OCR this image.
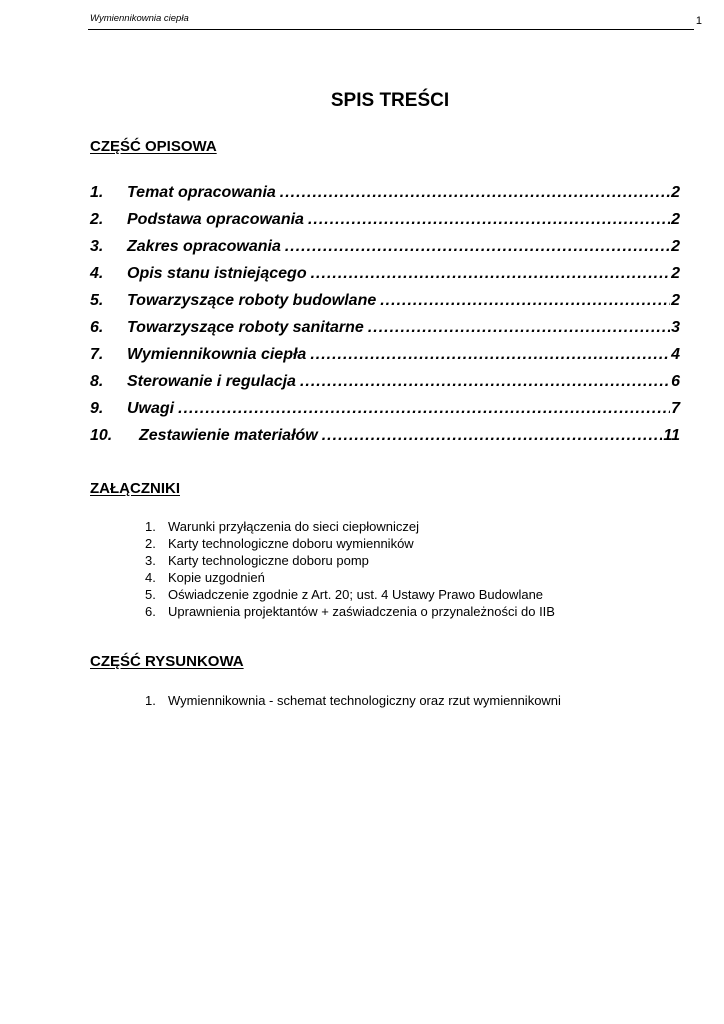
Wymiennikownia ciepła	1
SPIS TREŚCI
CZĘŚĆ OPISOWA
1.	Temat opracowania .....	2
2.	Podstawa opracowania .....	2
3.	Zakres opracowania .....	2
4.	Opis stanu istniejącego .....	2
5.	Towarzyszące roboty budowlane .....	2
6.	Towarzyszące roboty sanitarne .....	3
7.	Wymiennikownia ciepła .....	4
8.	Sterowanie i regulacja .....	6
9.	Uwagi .....	7
10.	Zestawienie materiałów .....	11
ZAŁĄCZNIKI
1. Warunki przyłączenia do sieci ciepłowniczej
2. Karty technologiczne doboru wymienników
3. Karty technologiczne doboru pomp
4. Kopie uzgodnień
5. Oświadczenie zgodnie z Art. 20; ust. 4 Ustawy Prawo Budowlane
6. Uprawnienia projektantów + zaświadczenia o przynależności do IIB
CZĘŚĆ RYSUNKOWA
1. Wymiennikownia - schemat technologiczny oraz rzut wymiennikowni
